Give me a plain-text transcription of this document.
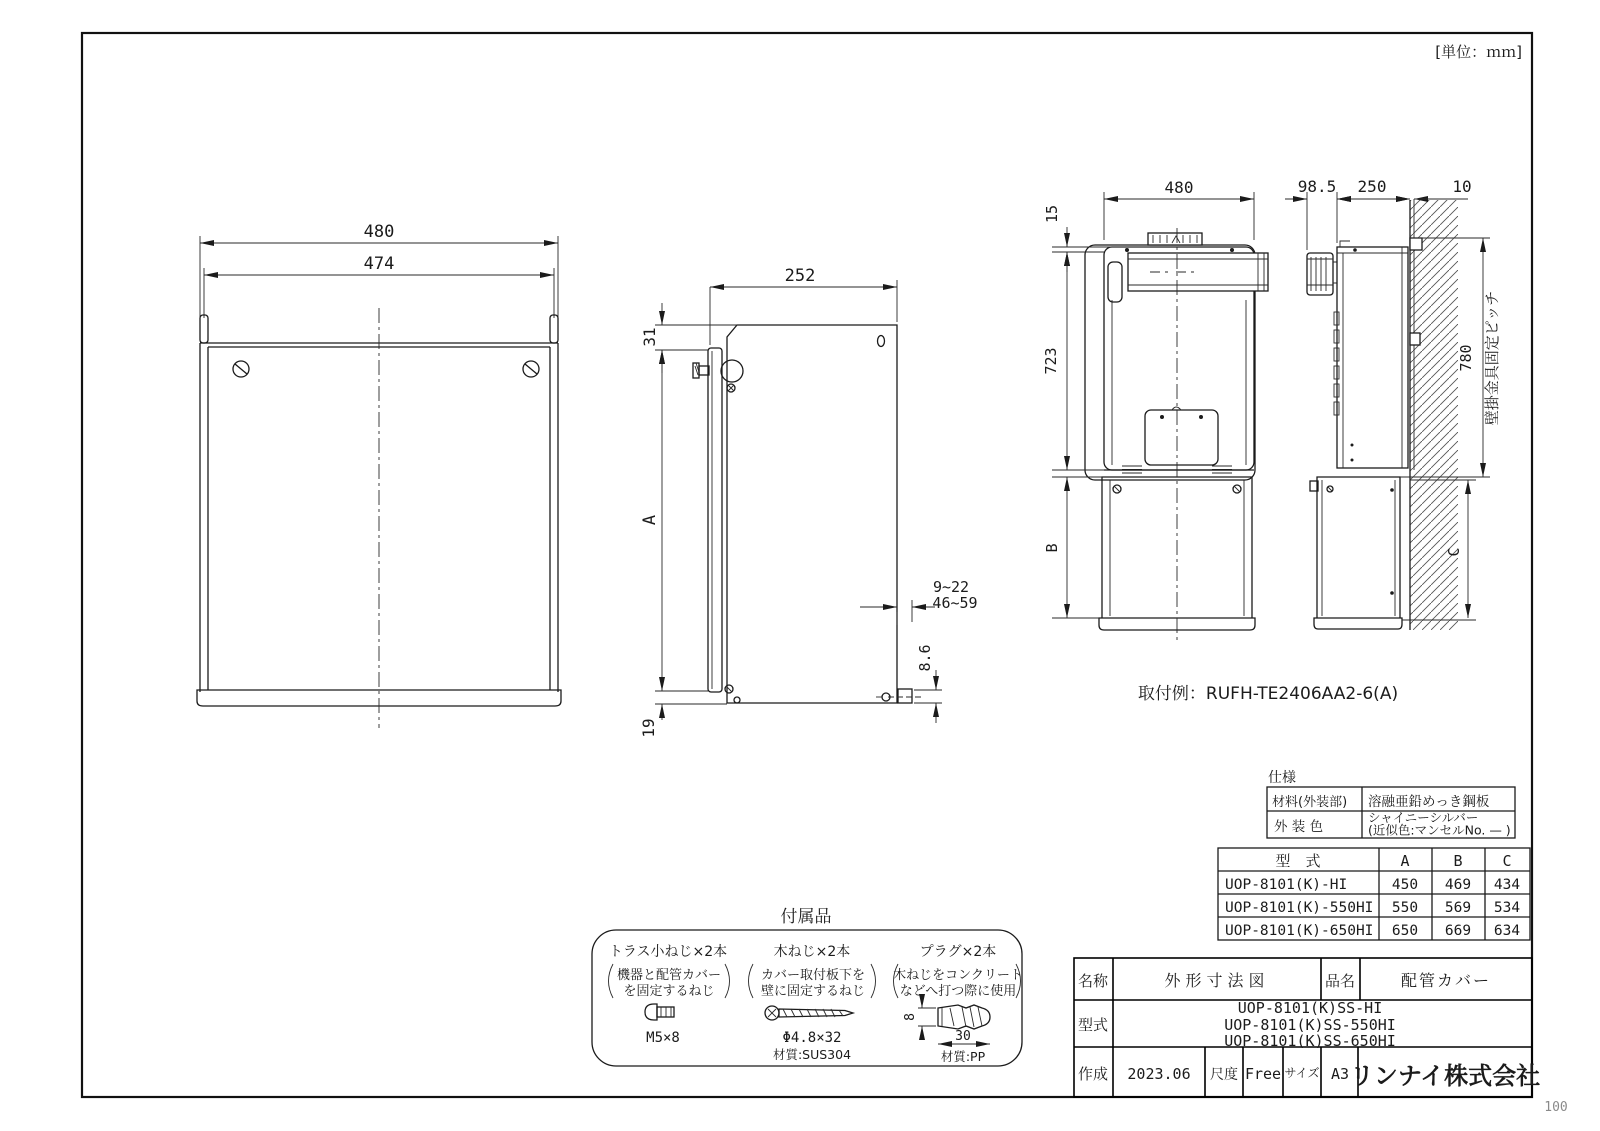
[単位：ｍｍ]
100
480
474
252
31
A
19
9~22
46~59
8.6
480	98.5 250	10
15
723
B
780 壁掛金具固定ピッチ
C
取付例：RUFH-TE2406AA2-6(A)
仕様
材料(外装部) 溶融亜鉛めっき鋼板
外 装 色
シャイニーシルバー
(近似色:マンセルNo. — )
型　式	A	B	C
UOP-8101(K)-HI	450 469 434
UOP-8101(K)-550HI 550 569 534
UOP-8101(K)-650HI 650 669 634
付属品
トラス小ねじ×2本
機器と配管カバー
を固定するねじ
M5×8
木ねじ×2本
カバー取付板下を
壁に固定するねじ
Φ4.8×32
材質:SUS304
プラグ×2本
木ねじをコンクリート
などへ打つ際に使用
8
30
材質:PP
名称	外形寸法図	品名	配管カバー
型式
UOP-8101(K)SS-HI
UOP-8101(K)SS-550HI
UOP-8101(K)SS-650HI
作成 2023.06 尺度 Free サイズ A3 リンナイ株式会社
